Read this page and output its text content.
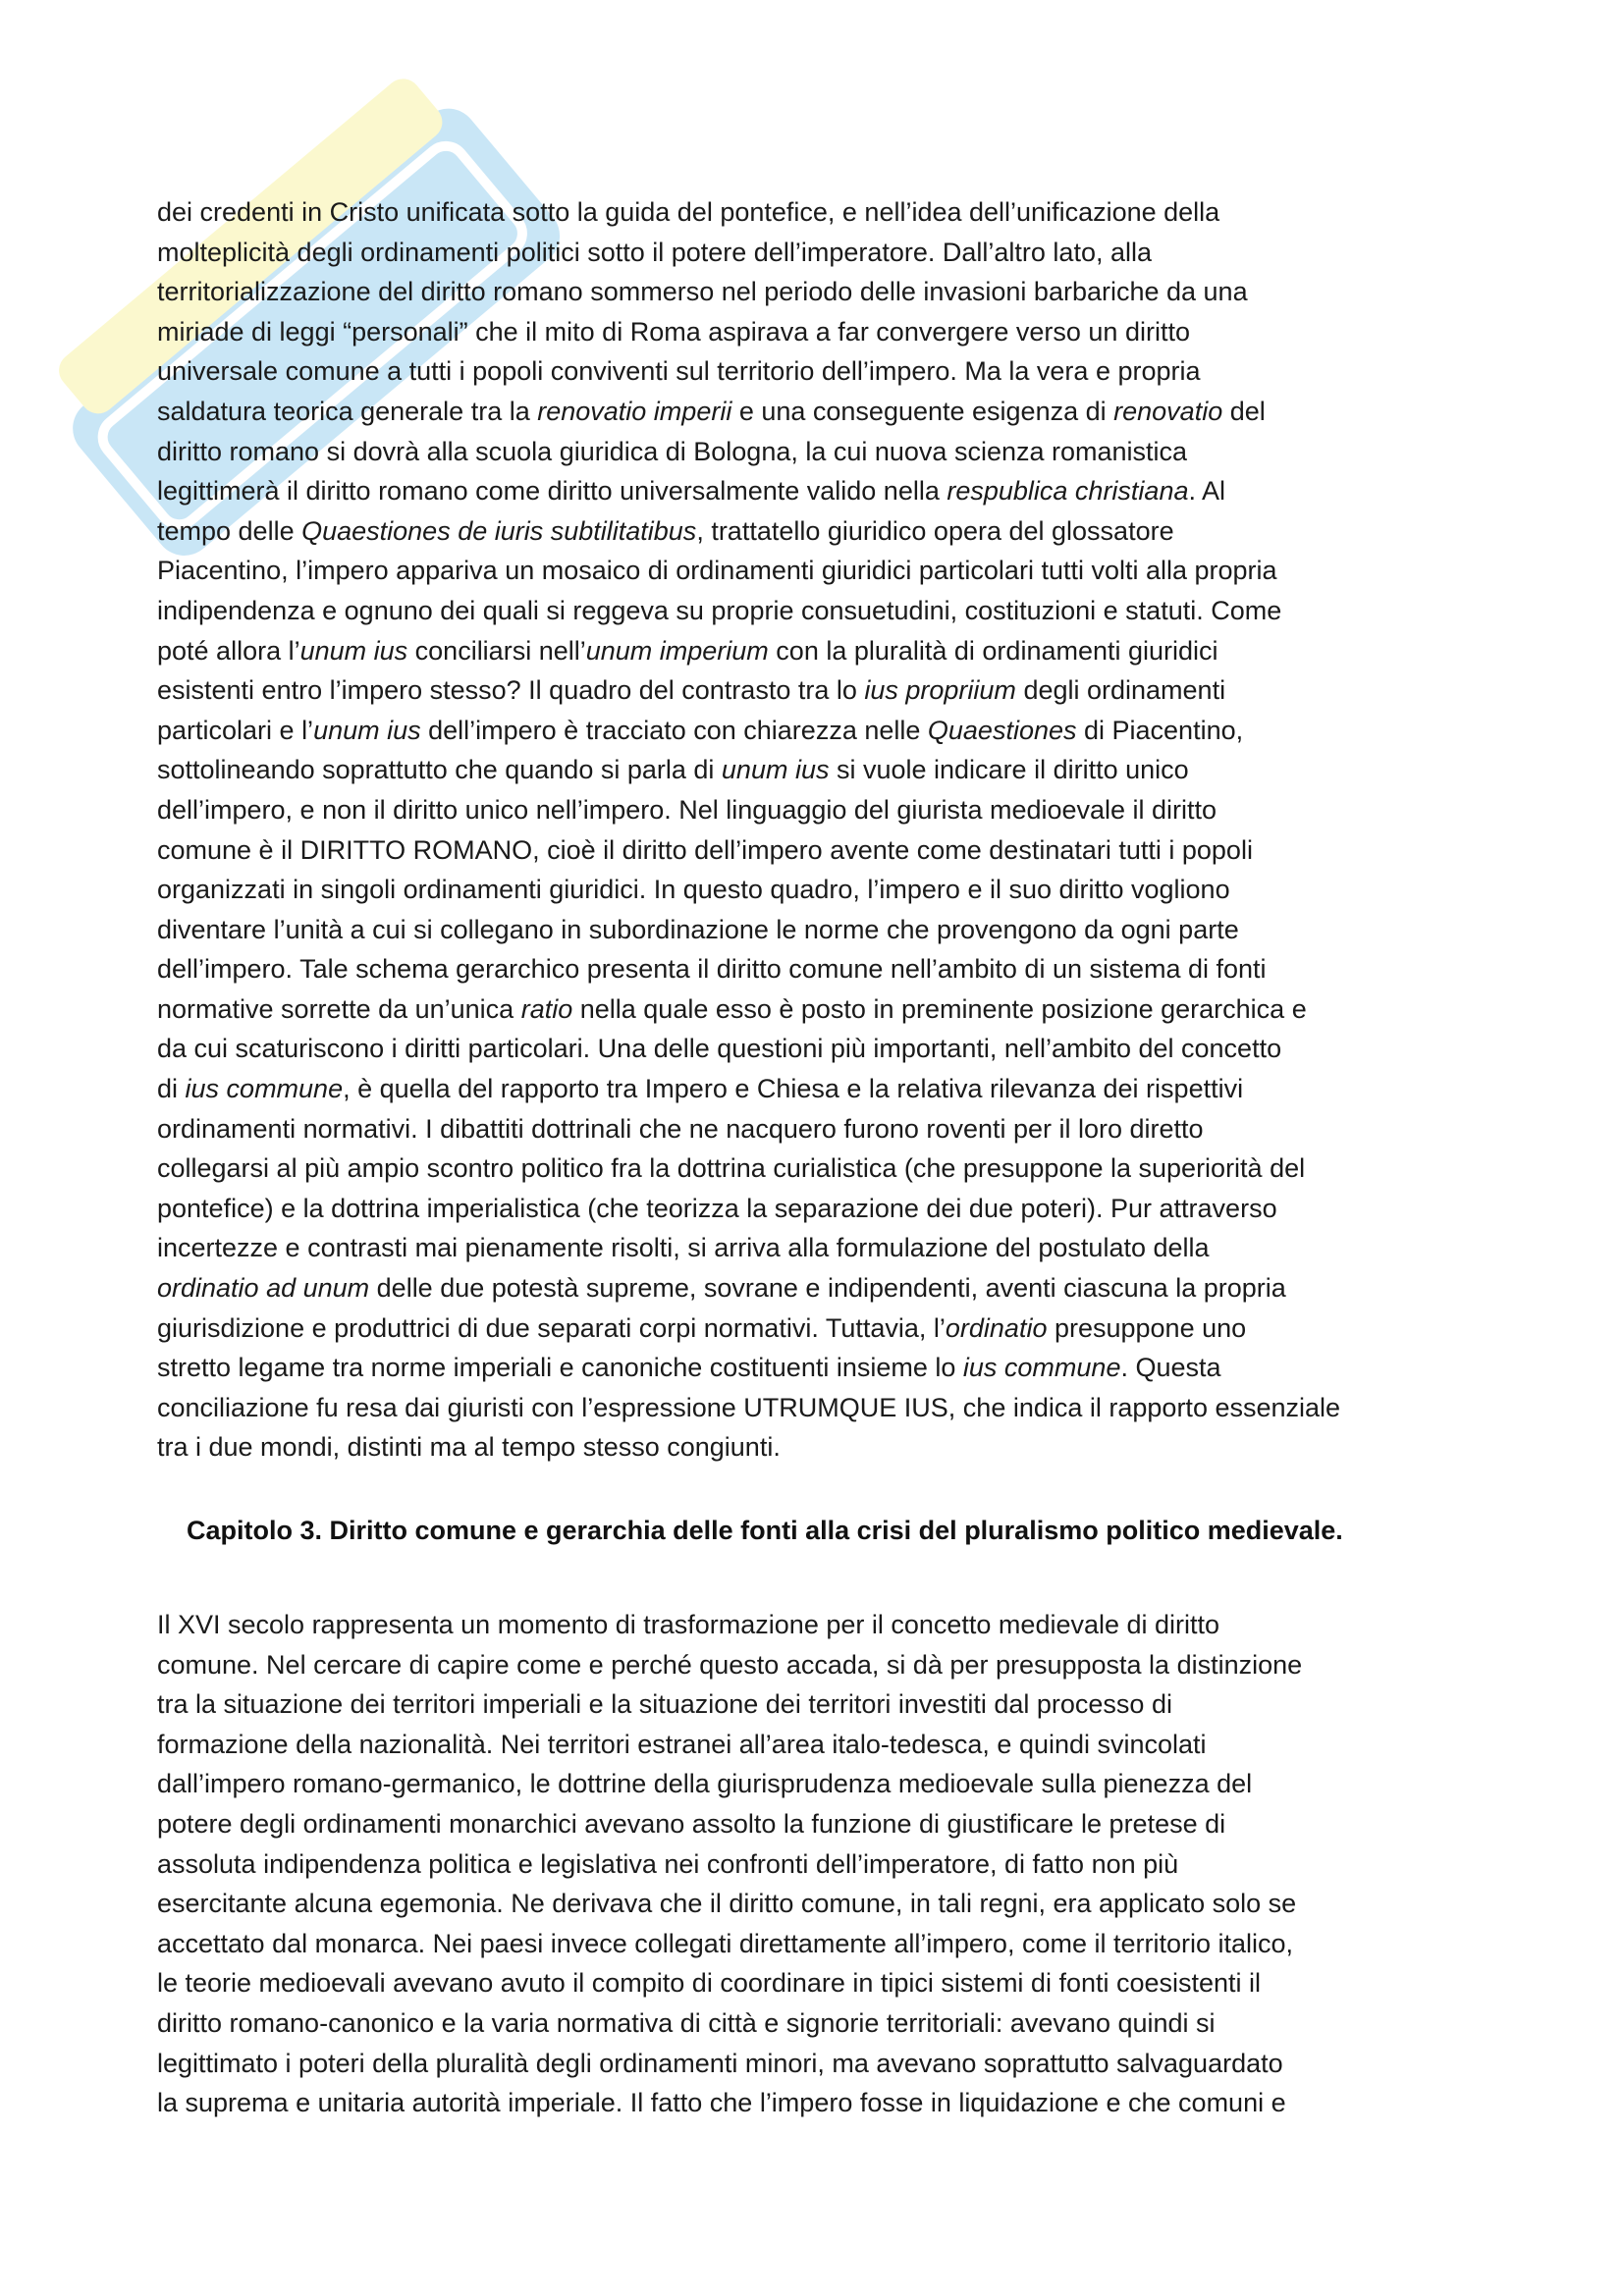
dei credenti in Cristo unificata sotto la guida del pontefice, e nell’idea dell’unificazione della
molteplicità degli ordinamenti politici sotto il potere dell’imperatore. Dall’altro lato, alla
territorializzazione del diritto romano sommerso nel periodo delle invasioni barbariche da una
miriade di leggi “personali” che il mito di Roma aspirava a far convergere verso un diritto
universale comune a tutti i popoli conviventi sul territorio dell’impero. Ma la vera e propria
saldatura teorica generale tra la renovatio imperii e una conseguente esigenza di renovatio del
diritto romano si dovrà alla scuola giuridica di Bologna, la cui nuova scienza romanistica
legittimerà il diritto romano come diritto universalmente valido nella respublica christiana. Al
tempo delle Quaestiones de iuris subtilitatibus, trattatello giuridico opera del glossatore
Piacentino, l’impero appariva un mosaico di ordinamenti giuridici particolari tutti volti alla propria
indipendenza e ognuno dei quali si reggeva su proprie consuetudini, costituzioni e statuti. Come
poté allora l’unum ius conciliarsi nell’unum imperium con la pluralità di ordinamenti giuridici
esistenti entro l’impero stesso? Il quadro del contrasto tra lo ius propriium degli ordinamenti
particolari e l’unum ius dell’impero è tracciato con chiarezza nelle Quaestiones di Piacentino,
sottolineando soprattutto che quando si parla di unum ius si vuole indicare il diritto unico
dell’impero, e non il diritto unico nell’impero. Nel linguaggio del giurista medioevale il diritto
comune è il DIRITTO ROMANO, cioè il diritto dell’impero avente come destinatari tutti i popoli
organizzati in singoli ordinamenti giuridici. In questo quadro, l’impero e il suo diritto vogliono
diventare l’unità a cui si collegano in subordinazione le norme che provengono da ogni parte
dell’impero. Tale schema gerarchico presenta il diritto comune nell’ambito di un sistema di fonti
normative sorrette da un’unica ratio nella quale esso è posto in preminente posizione gerarchica e
da cui scaturiscono i diritti particolari. Una delle questioni più importanti, nell’ambito del concetto
di ius commune, è quella del rapporto tra Impero e Chiesa e la relativa rilevanza dei rispettivi
ordinamenti normativi. I dibattiti dottrinali che ne nacquero furono roventi per il loro diretto
collegarsi al più ampio scontro politico fra la dottrina curialistica (che presuppone la superiorità del
pontefice) e la dottrina imperialistica (che teorizza la separazione dei due poteri). Pur attraverso
incertezze e contrasti mai pienamente risolti, si arriva alla formulazione del postulato della
ordinatio ad unum delle due potestà supreme, sovrane e indipendenti, aventi ciascuna la propria
giurisdizione e produttrici di due separati corpi normativi. Tuttavia, l’ordinatio presuppone uno
stretto legame tra norme imperiali e canoniche costituenti insieme lo ius commune. Questa
conciliazione fu resa dai giuristi con l’espressione UTRUMQUE IUS, che indica il rapporto essenziale
tra i due mondi, distinti ma al tempo stesso congiunti.
Capitolo 3. Diritto comune e gerarchia delle fonti alla crisi del pluralismo politico medievale.
Il XVI secolo rappresenta un momento di trasformazione per il concetto medievale di diritto
comune. Nel cercare di capire come e perché questo accada, si dà per presupposta la distinzione
tra la situazione dei territori imperiali e la situazione dei territori investiti dal processo di
formazione della nazionalità. Nei territori estranei all’area italo-tedesca, e quindi svincolati
dall’impero romano-germanico, le dottrine della giurisprudenza medioevale sulla pienezza del
potere degli ordinamenti monarchici avevano assolto la funzione di giustificare le pretese di
assoluta indipendenza politica e legislativa nei confronti dell’imperatore, di fatto non più
esercitante alcuna egemonia. Ne derivava che il diritto comune, in tali regni, era applicato solo se
accettato dal monarca. Nei paesi invece collegati direttamente all’impero, come il territorio italico,
le teorie medioevali avevano avuto il compito di coordinare in tipici sistemi di fonti coesistenti il
diritto romano-canonico e la varia normativa di città e signorie territoriali: avevano quindi si
legittimato i poteri della pluralità degli ordinamenti minori, ma avevano soprattutto salvaguardato
la suprema e unitaria autorità imperiale. Il fatto che l’impero fosse in liquidazione e che comuni e
